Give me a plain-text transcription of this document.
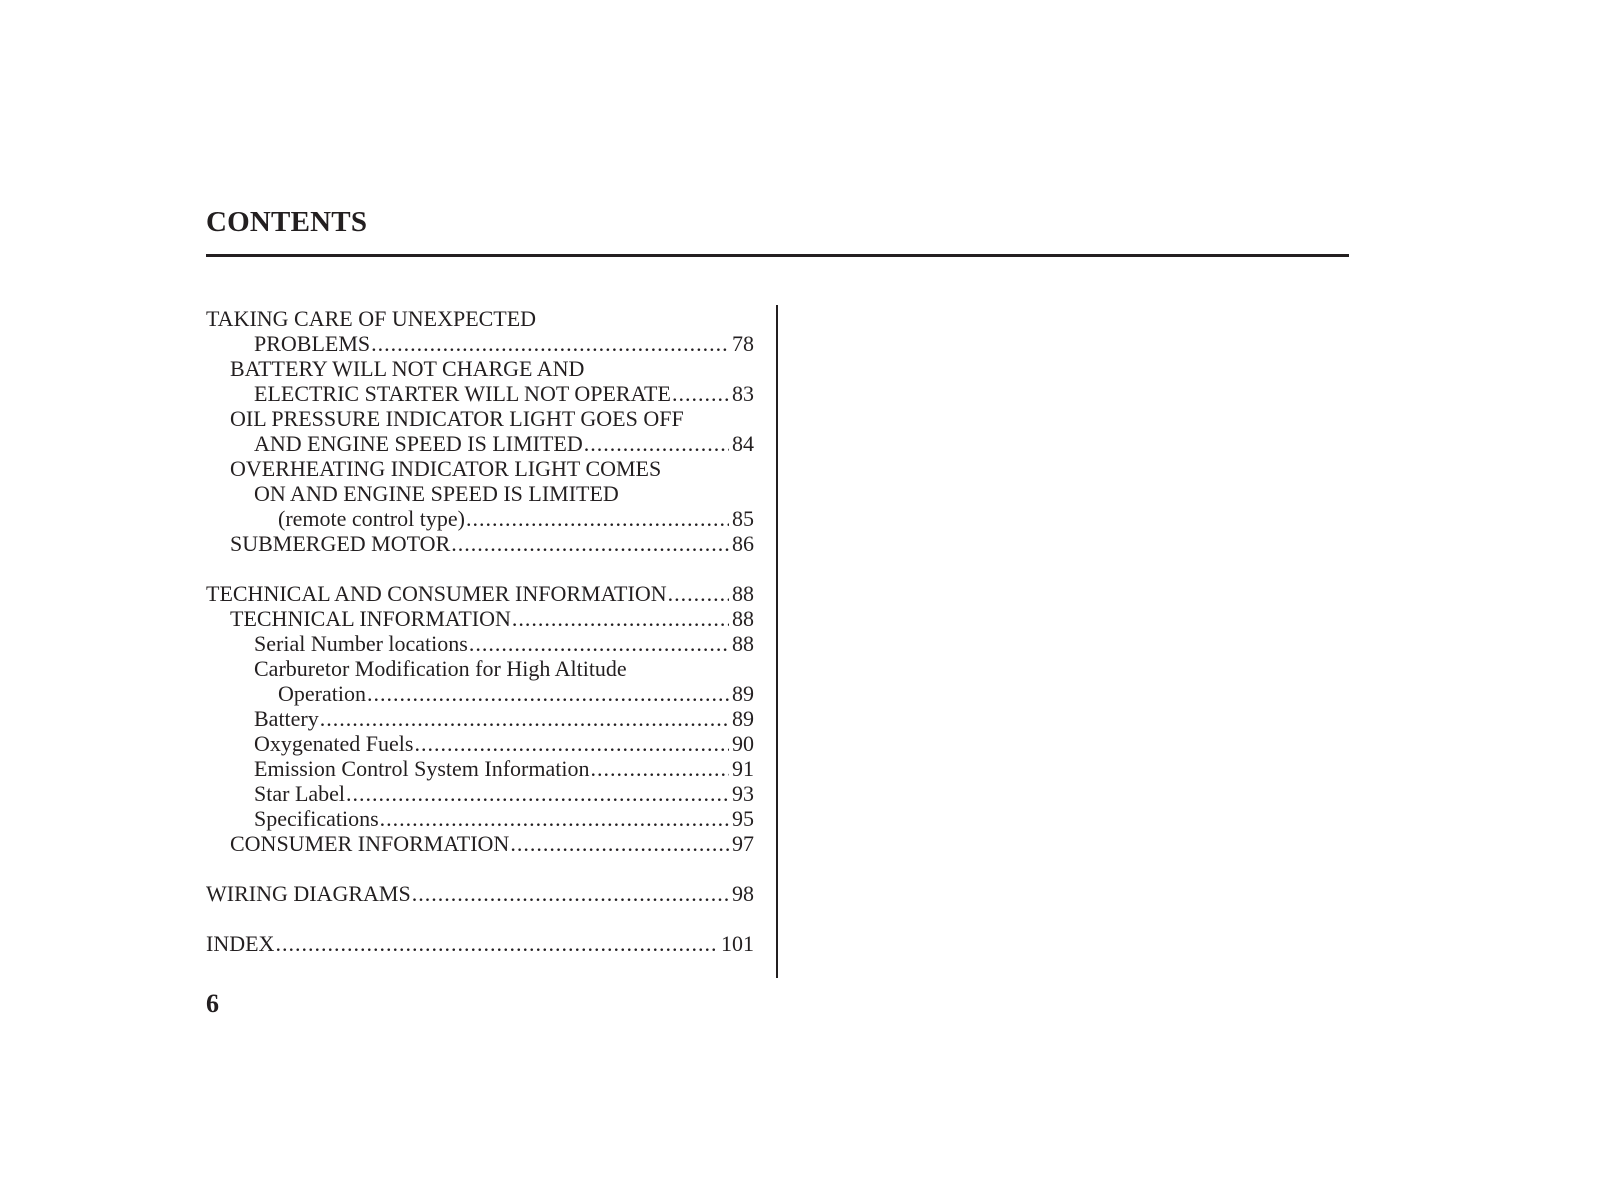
CONTENTS
TAKING CARE OF UNEXPECTED
PROBLEMS .....	78
BATTERY WILL NOT CHARGE AND
ELECTRIC STARTER WILL NOT OPERATE .....	83
OIL PRESSURE INDICATOR LIGHT GOES OFF
AND ENGINE SPEED IS LIMITED .....	84
OVERHEATING INDICATOR LIGHT COMES
ON AND ENGINE SPEED IS LIMITED
(remote control type) .....	85
SUBMERGED MOTOR .....	86
TECHNICAL AND CONSUMER INFORMATION .....	88
TECHNICAL INFORMATION .....	88
Serial Number locations .....	88
Carburetor Modification for High Altitude
Operation .....	89
Battery .....	89
Oxygenated Fuels .....	90
Emission Control System Information .....	91
Star Label .....	93
Specifications .....	95
CONSUMER INFORMATION .....	97
WIRING DIAGRAMS .....	98
INDEX .....	101
6
